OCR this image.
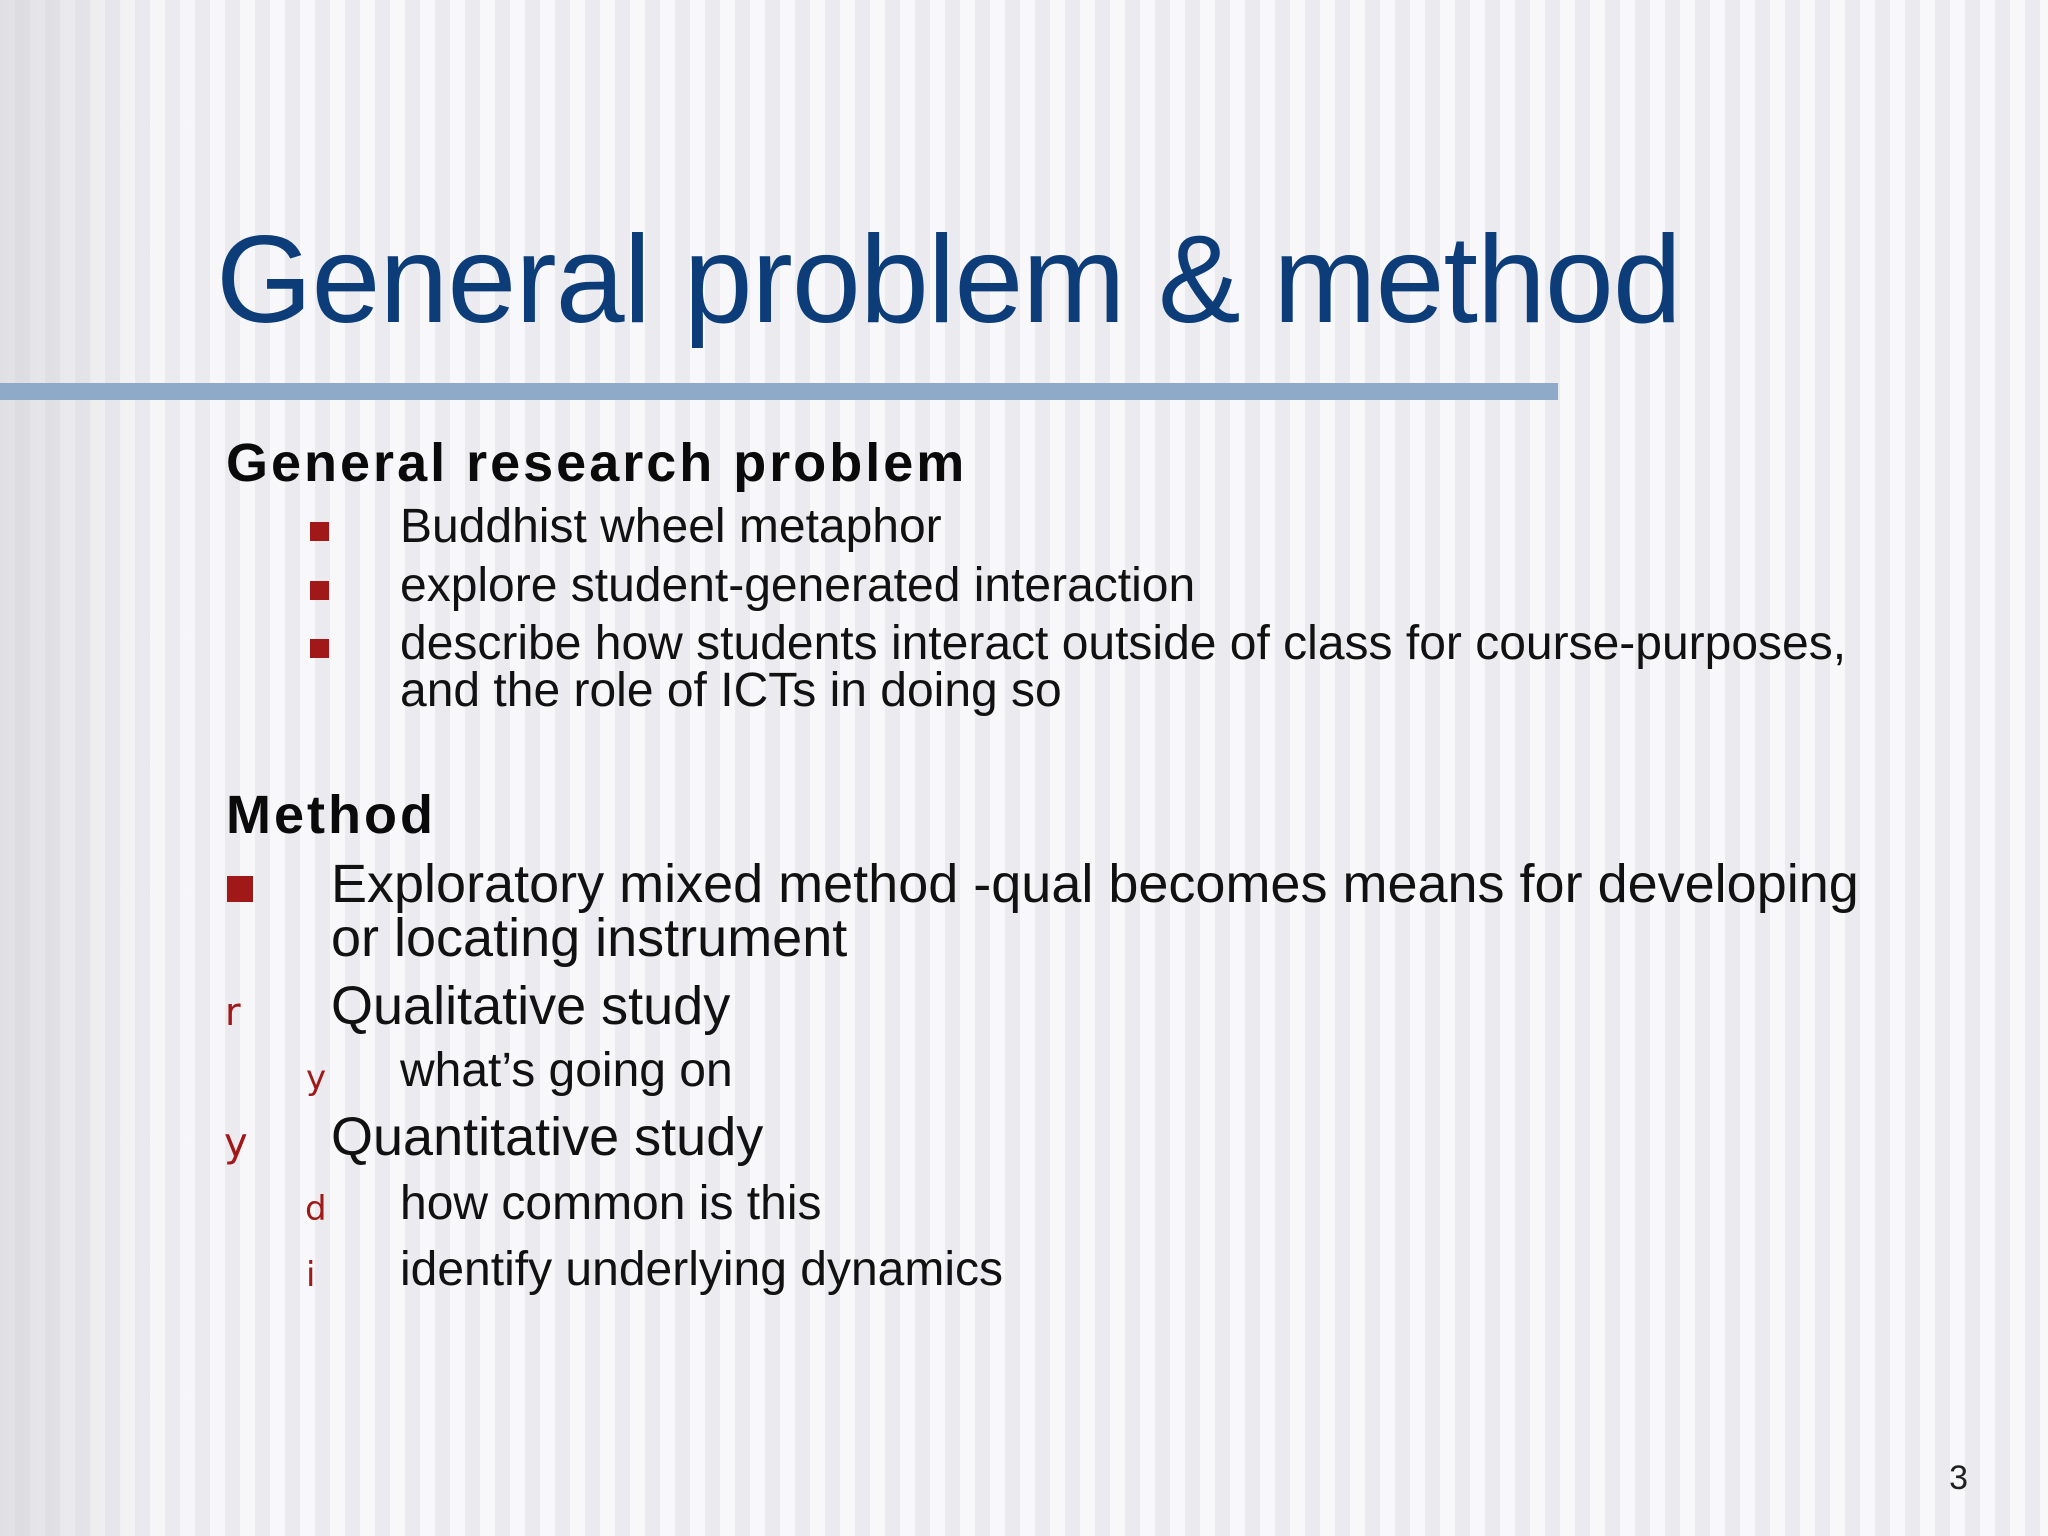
General problem & method
General research problem
Buddhist wheel metaphor
explore student-generated interaction
describe how students interact outside of class for course-purposes,
and the role of ICTs in doing so
Method
Exploratory mixed method -qual becomes means for developing
or locating instrument
r Qualitative study
y what’s going on
y Quantitative study
d how common is this
i identify underlying dynamics
3
